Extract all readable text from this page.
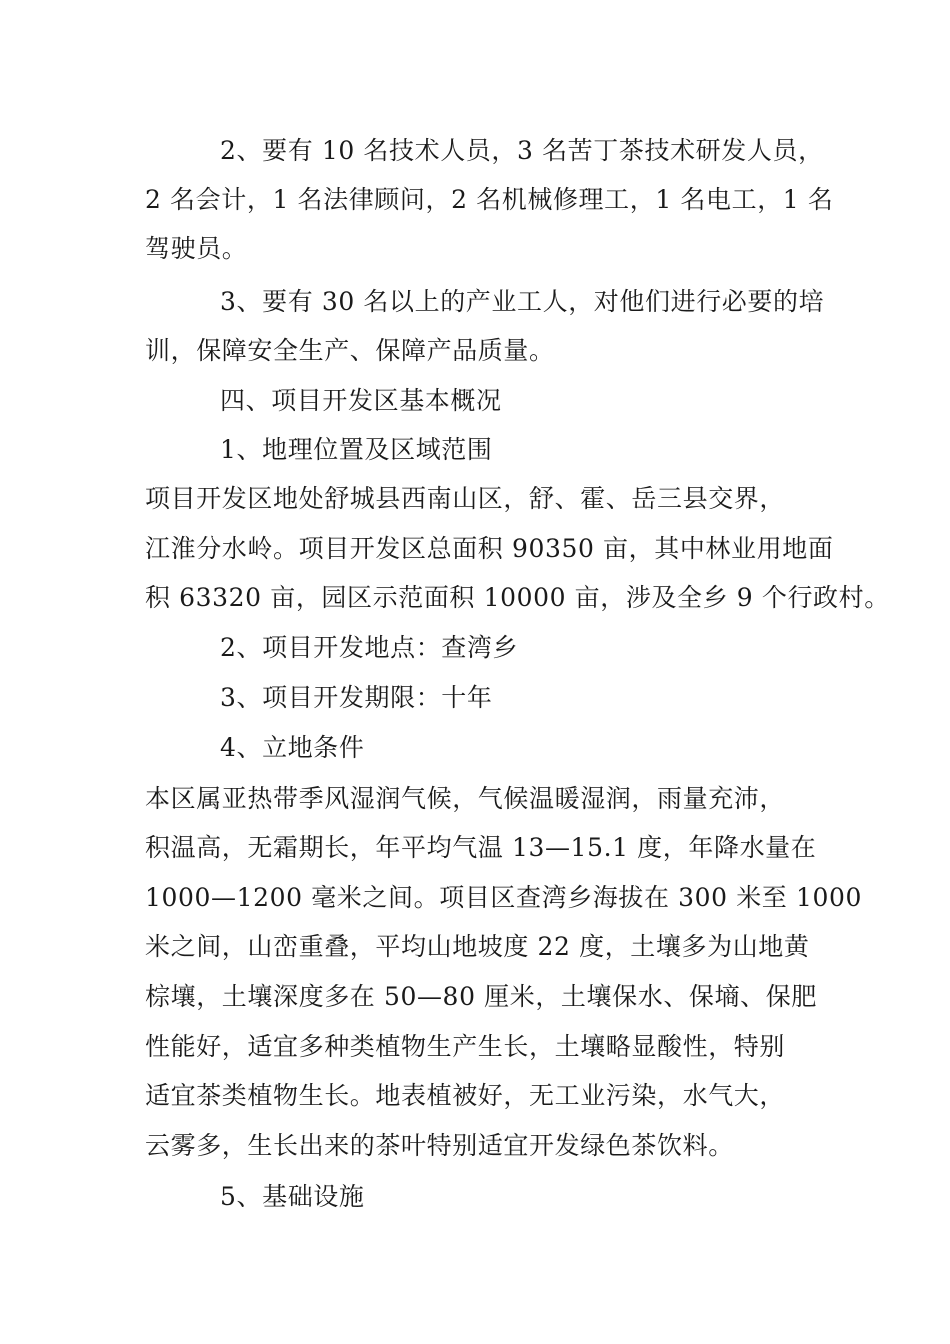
2、要有 10 名技术人员，3 名苦丁茶技术研发人员，
2 名会计，1 名法律顾问，2 名机械修理工，1 名电工，1 名
驾驶员。
3、要有 30 名以上的产业工人，对他们进行必要的培
训，保障安全生产、保障产品质量。
四、项目开发区基本概况
1、地理位置及区域范围
项目开发区地处舒城县西南山区，舒、霍、岳三县交界，
江淮分水岭。项目开发区总面积 90350 亩，其中林业用地面
积 63320 亩，园区示范面积 10000 亩，涉及全乡 9 个行政村。
2、项目开发地点：查湾乡
3、项目开发期限：十年
4、立地条件
本区属亚热带季风湿润气候，气候温暖湿润，雨量充沛，
积温高，无霜期长，年平均气温 13—15.1 度，年降水量在
1000—1200 毫米之间。项目区查湾乡海拔在 300 米至 1000
米之间，山峦重叠，平均山地坡度 22 度，土壤多为山地黄
棕壤，土壤深度多在 50—80 厘米，土壤保水、保墒、保肥
性能好，适宜多种类植物生产生长，土壤略显酸性，特别
适宜茶类植物生长。地表植被好，无工业污染，水气大，
云雾多，生长出来的茶叶特别适宜开发绿色茶饮料。
5、基础设施
